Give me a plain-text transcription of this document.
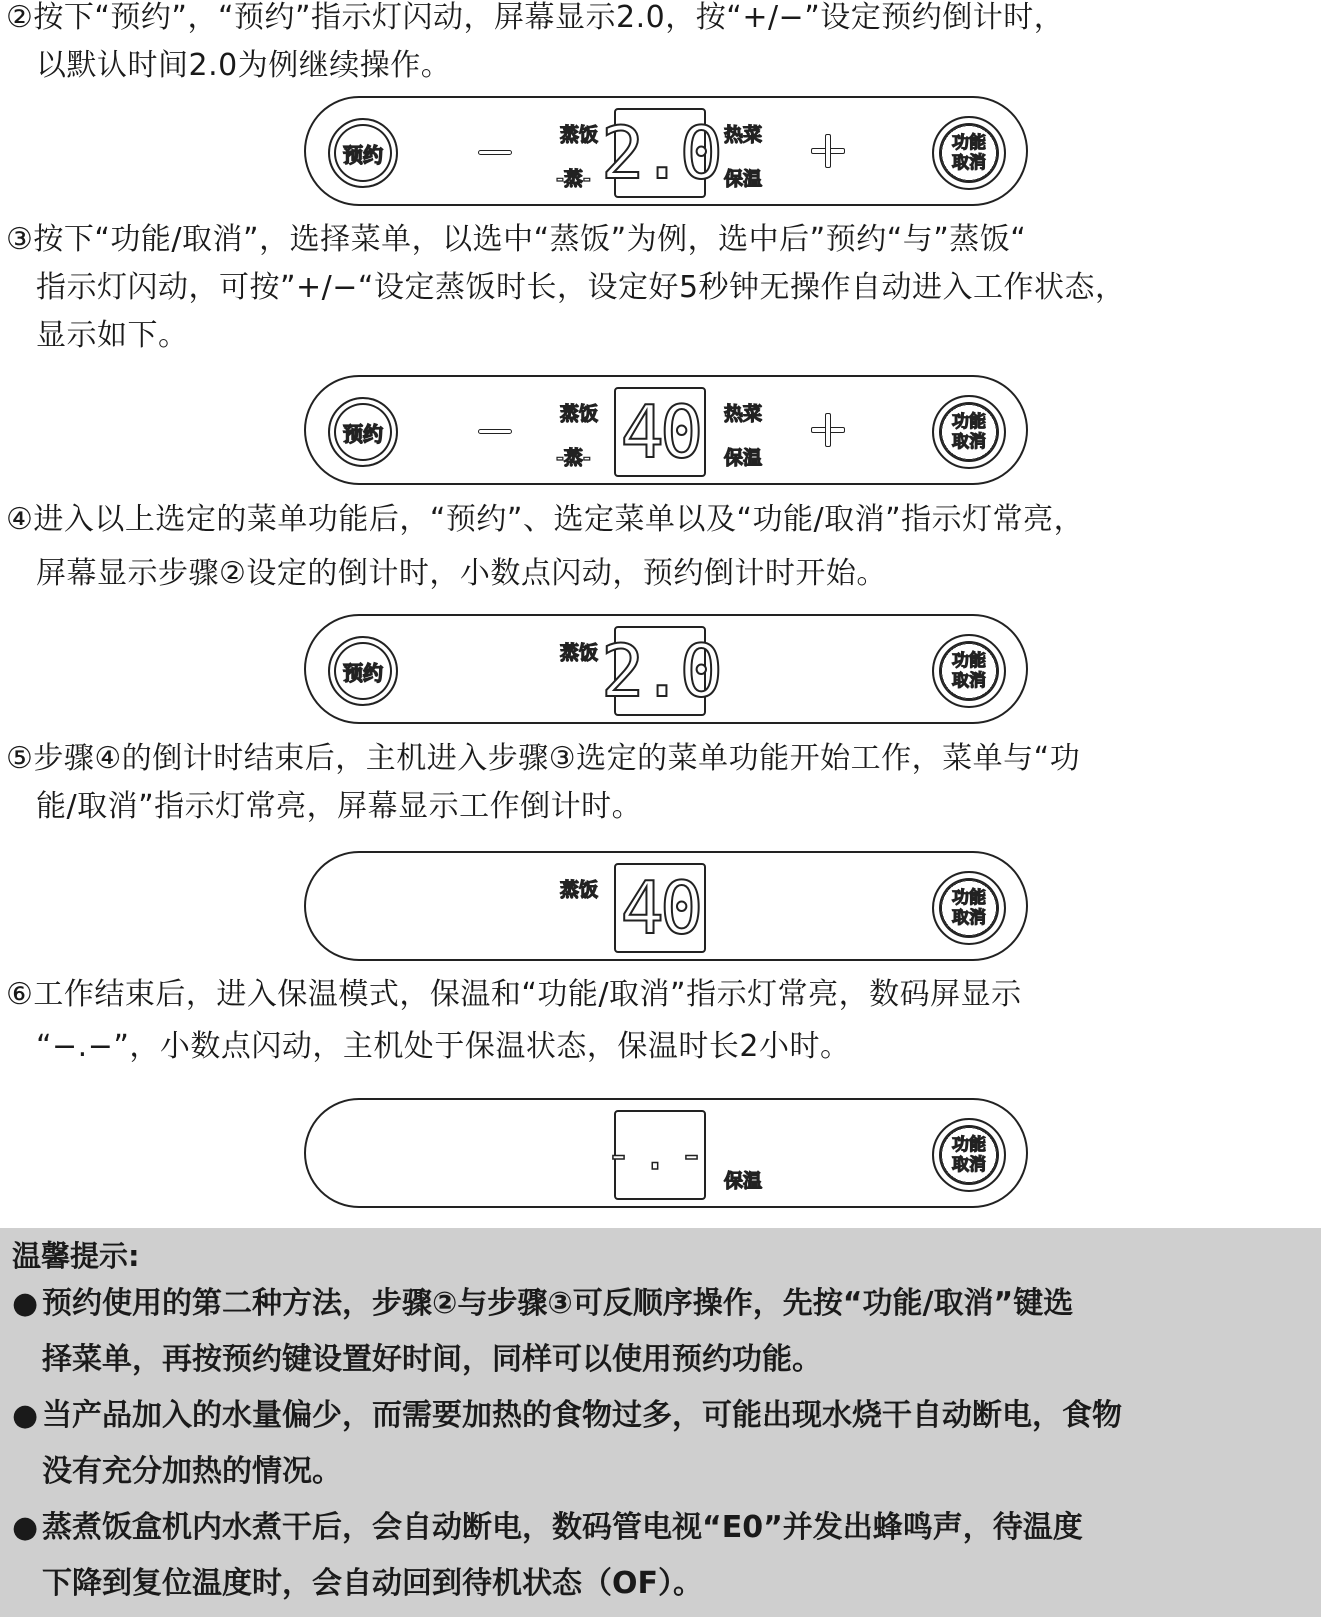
②按下“预约”，“预约”指示灯闪动，屏幕显示2.0，按“+/−”设定预约倒计时，
以默认时间2.0为例继续操作。
预约
蒸饭
-蒸- 2.0 热菜
保温
功能
取消
③按下“功能/取消”，选择菜单，以选中“蒸饭”为例，选中后”预约“与”蒸饭“
指示灯闪动，可按”+/−“设定蒸饭时长，设定好5秒钟无操作自动进入工作状态，
显示如下。
预约
蒸饭
-蒸- 40 热菜
保温
功能
取消
④进入以上选定的菜单功能后，“预约”、选定菜单以及“功能/取消”指示灯常亮，
屏幕显示步骤②设定的倒计时，小数点闪动，预约倒计时开始。
预约
蒸饭 2.0	功能
取消
⑤步骤④的倒计时结束后，主机进入步骤③选定的菜单功能开始工作，菜单与“功
能/取消”指示灯常亮，屏幕显示工作倒计时。
蒸饭 40	功能
取消
⑥工作结束后，进入保温模式，保温和“功能/取消”指示灯常亮，数码屏显示
“−.−”，小数点闪动，主机处于保温状态，保温时长2小时。
-.-
保温
功能
取消
温馨提示:
● 预约使用的第二种方法，步骤②与步骤③可反顺序操作，先按“功能/取消”键选
择菜单，再按预约键设置好时间，同样可以使用预约功能。
● 当产品加入的水量偏少，而需要加热的食物过多，可能出现水烧干自动断电，食物
没有充分加热的情况。
● 蒸煮饭盒机内水煮干后，会自动断电，数码管电视“E0”并发出蜂鸣声，待温度
下降到复位温度时，会自动回到待机状态（OF）。
